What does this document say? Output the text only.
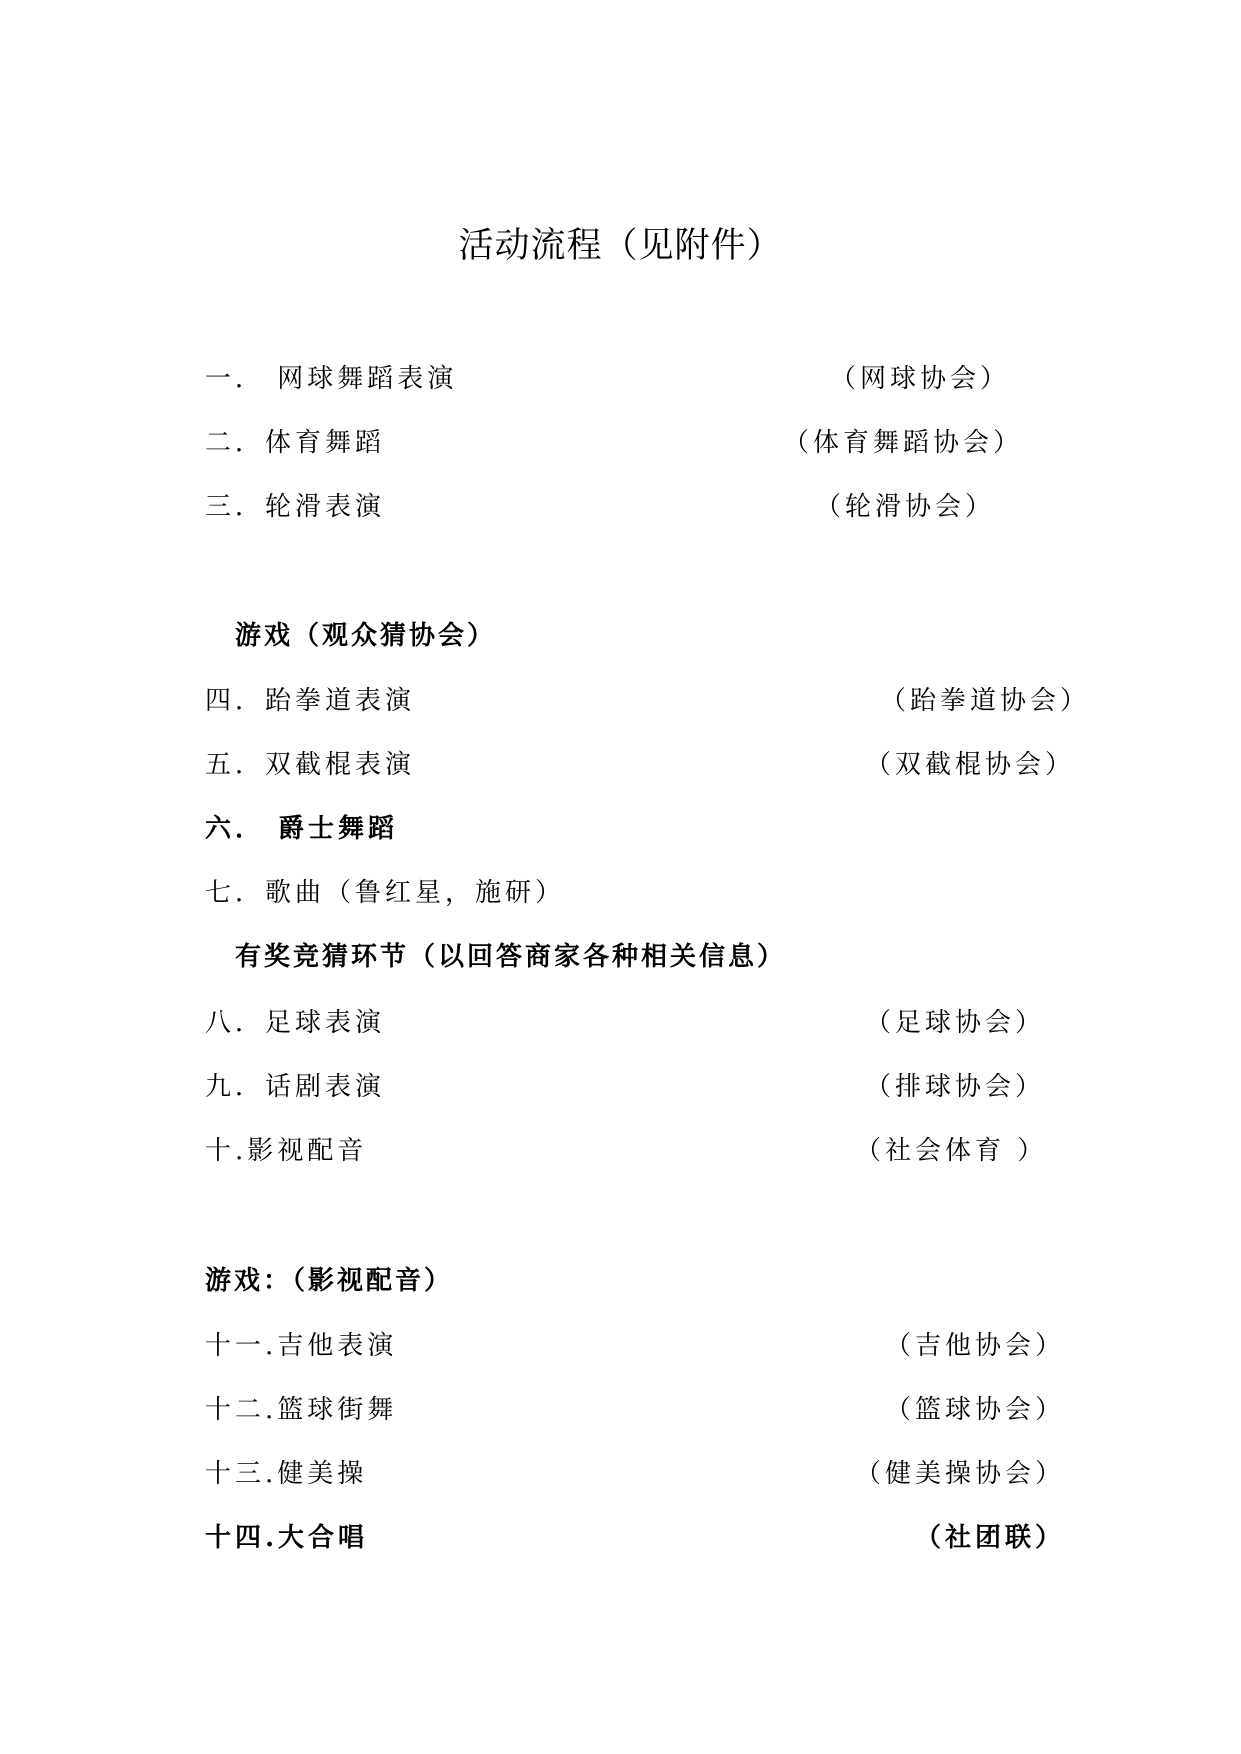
活动流程（见附件）
一． 网球舞蹈表演	（网球协会）
二．体育舞蹈	（体育舞蹈协会）
三．轮滑表演	（轮滑协会）
游戏（观众猜协会）
四．跆拳道表演	（跆拳道协会）
五．双截棍表演	（双截棍协会）
六． 爵士舞蹈
七．歌曲（鲁红星，施研）
有奖竞猜环节（以回答商家各种相关信息）
八．足球表演	（足球协会）
九．话剧表演	（排球协会）
十.影视配音	（社会体育 ）
游戏：（影视配音）
十一.吉他表演	（吉他协会）
十二.篮球街舞	（篮球协会）
十三.健美操	（健美操协会）
十四.大合唱	（社团联）
